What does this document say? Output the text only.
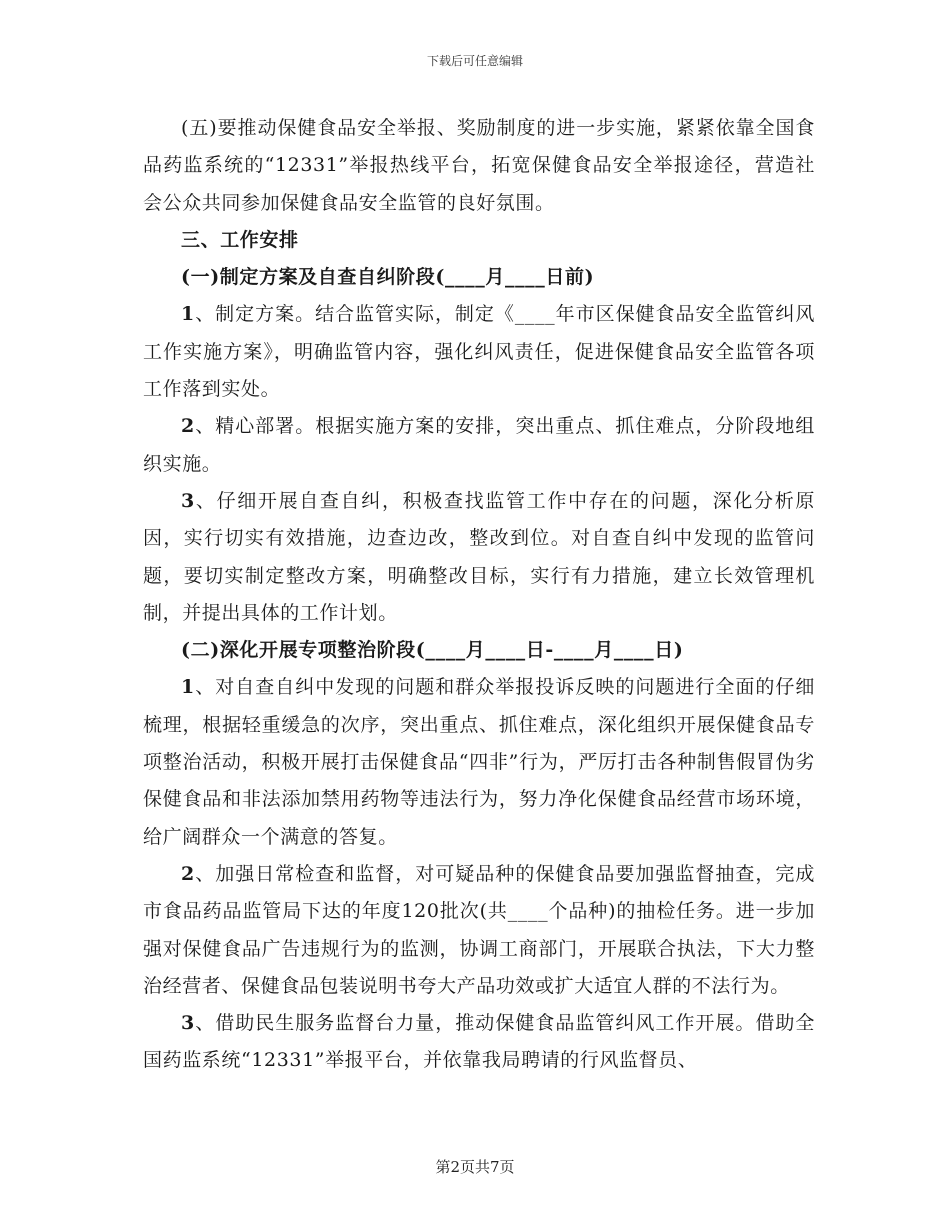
下载后可任意编辑

(五)要推动保健食品安全举报、奖励制度的进一步实施，紧紧依靠全国食品药监系统的“12331”举报热线平台，拓宽保健食品安全举报途径，营造社会公众共同参加保健食品安全监管的良好氛围。

三、工作安排

(一)制定方案及自查自纠阶段(____月____日前)

1、制定方案。结合监管实际，制定《____年市区保健食品安全监管纠风工作实施方案》，明确监管内容，强化纠风责任，促进保健食品安全监管各项工作落到实处。

2、精心部署。根据实施方案的安排，突出重点、抓住难点，分阶段地组织实施。

3、仔细开展自查自纠，积极查找监管工作中存在的问题，深化分析原因，实行切实有效措施，边查边改，整改到位。对自查自纠中发现的监管问题，要切实制定整改方案，明确整改目标，实行有力措施，建立长效管理机制，并提出具体的工作计划。

(二)深化开展专项整治阶段(____月____日-____月____日)

1、对自查自纠中发现的问题和群众举报投诉反映的问题进行全面的仔细梳理，根据轻重缓急的次序，突出重点、抓住难点，深化组织开展保健食品专项整治活动，积极开展打击保健食品“四非”行为，严厉打击各种制售假冒伪劣保健食品和非法添加禁用药物等违法行为，努力净化保健食品经营市场环境，给广阔群众一个满意的答复。

2、加强日常检查和监督，对可疑品种的保健食品要加强监督抽查，完成市食品药品监管局下达的年度120批次(共____个品种)的抽检任务。进一步加强对保健食品广告违规行为的监测，协调工商部门，开展联合执法，下大力整治经营者、保健食品包装说明书夸大产品功效或扩大适宜人群的不法行为。

3、借助民生服务监督台力量，推动保健食品监管纠风工作开展。借助全国药监系统“12331”举报平台，并依靠我局聘请的行风监督员、

第2页共7页
